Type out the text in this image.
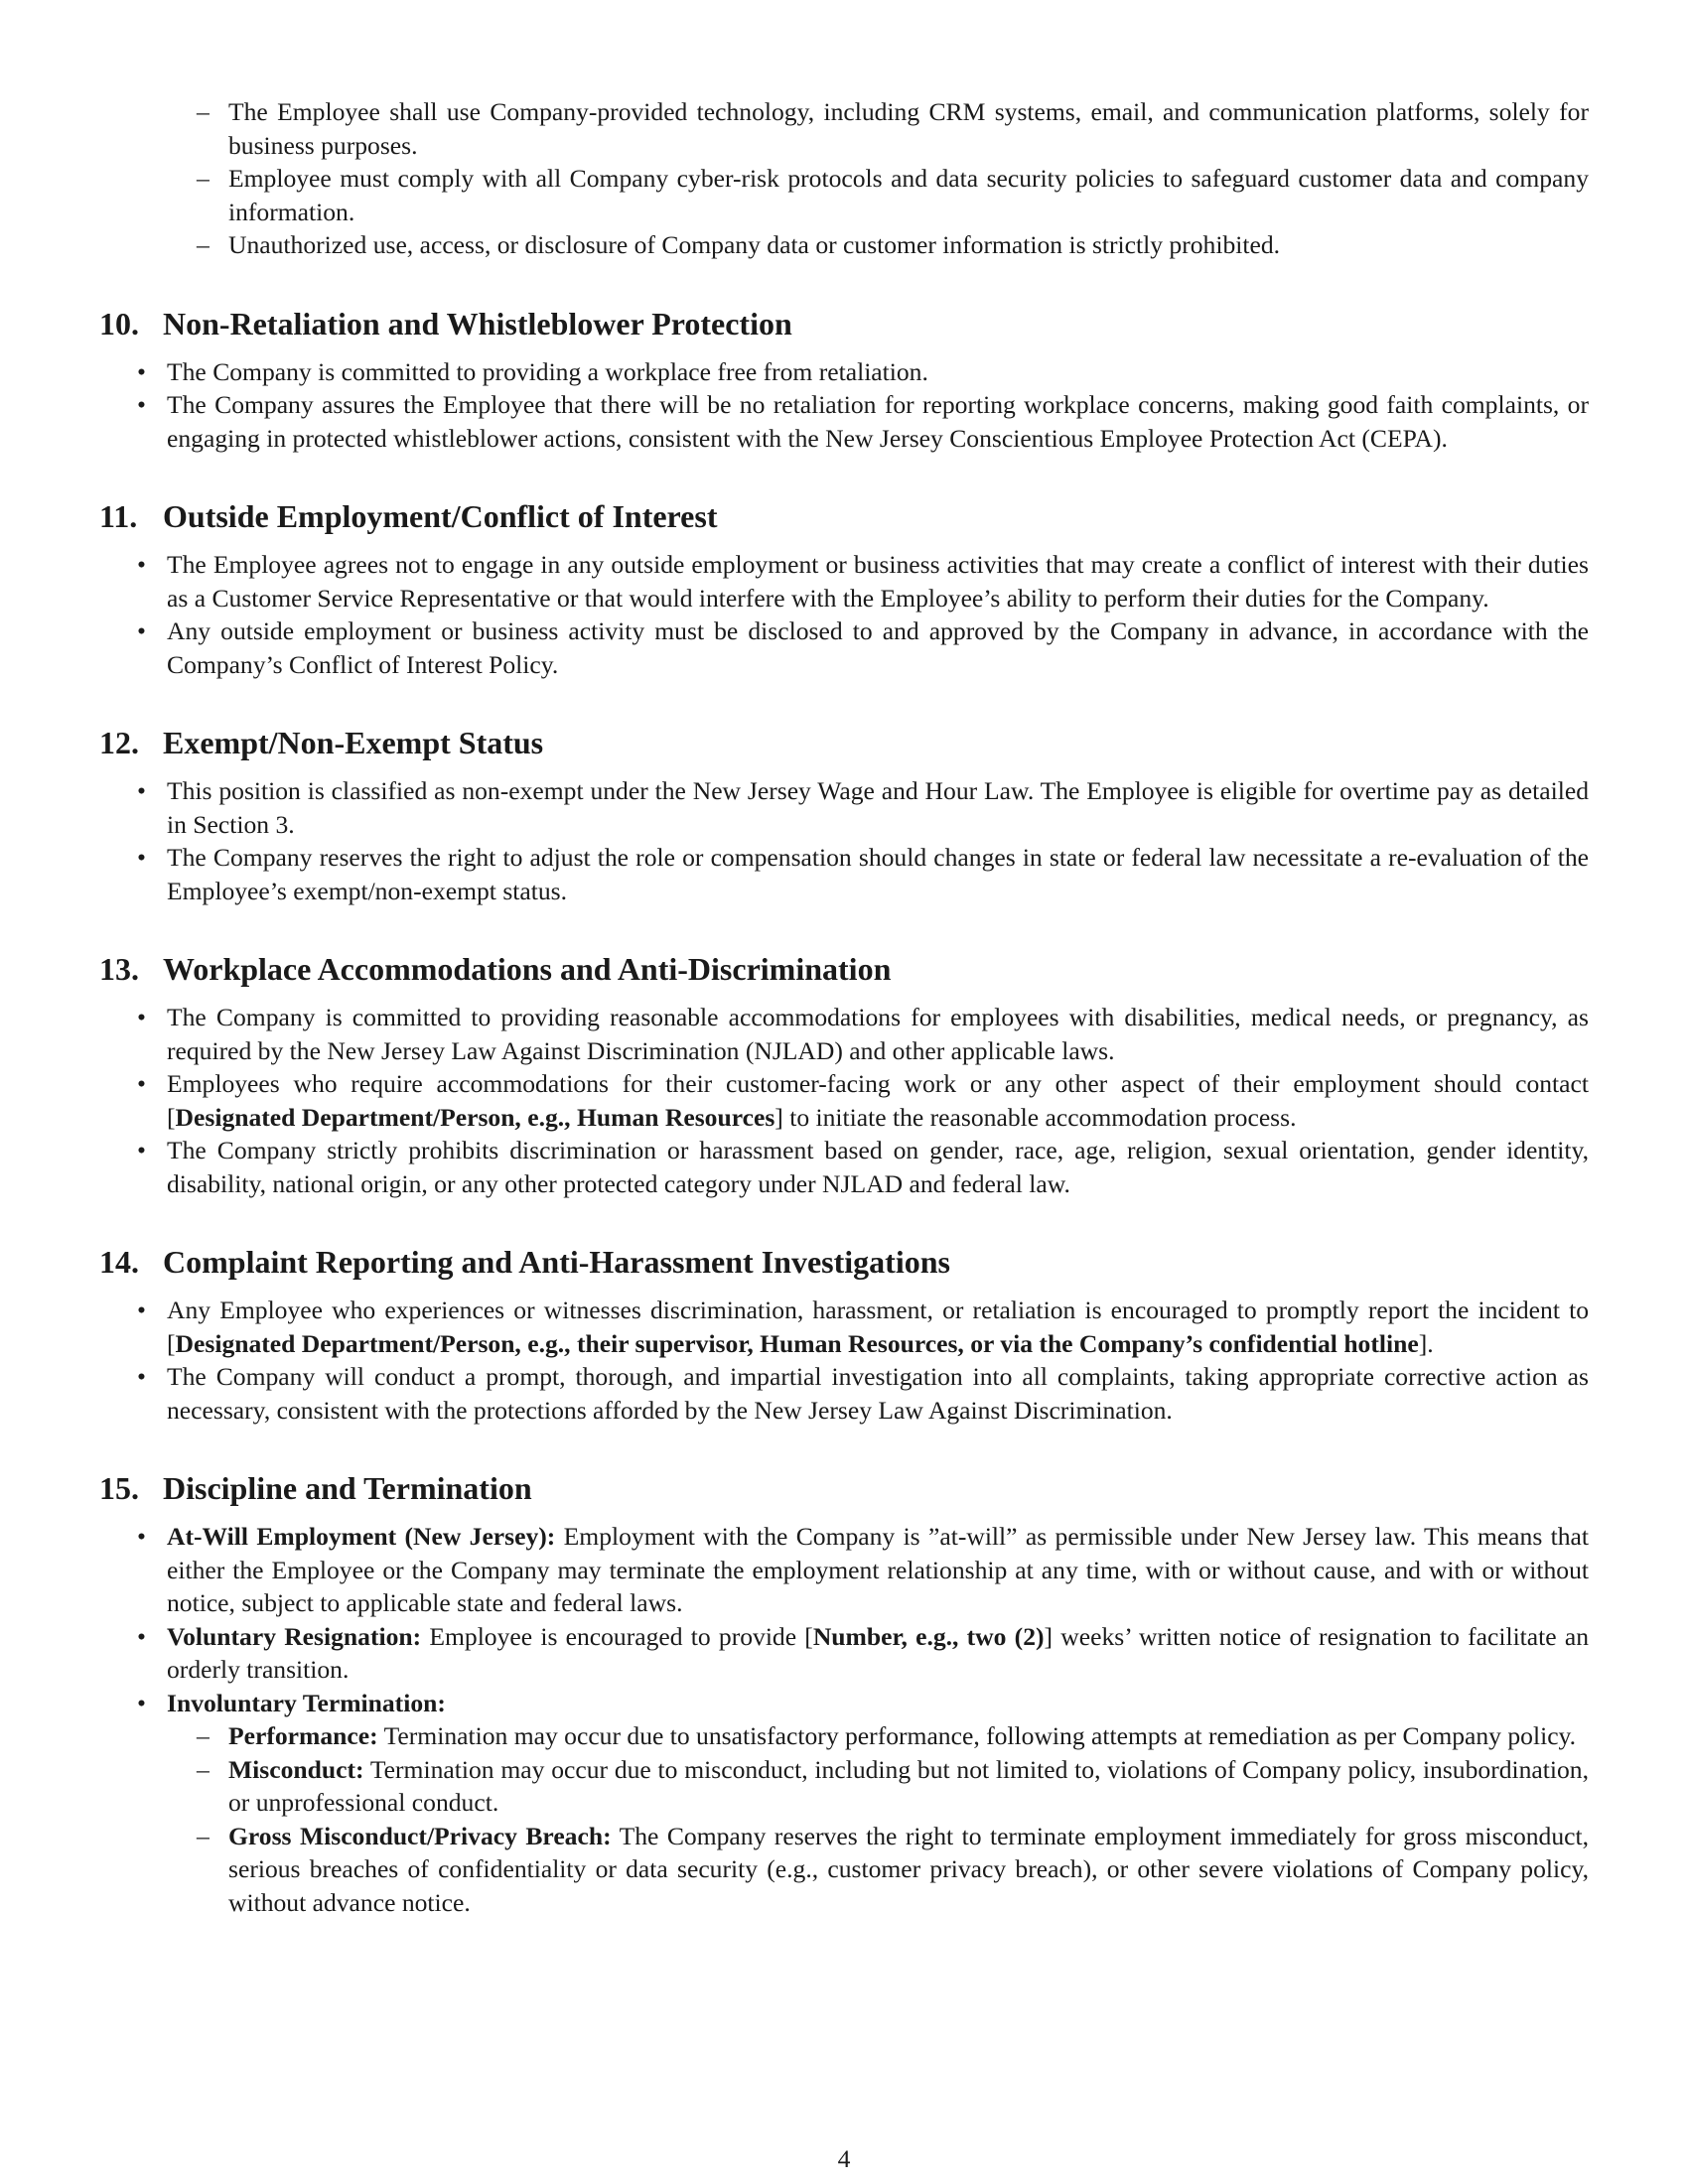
– The Employee shall use Company-provided technology, including CRM systems, email, and communication platforms, solely for business purposes.
– Employee must comply with all Company cyber-risk protocols and data security policies to safeguard customer data and company information.
– Unauthorized use, access, or disclosure of Company data or customer information is strictly prohibited.
10. Non-Retaliation and Whistleblower Protection
• The Company is committed to providing a workplace free from retaliation.
• The Company assures the Employee that there will be no retaliation for reporting workplace concerns, making good faith complaints, or engaging in protected whistleblower actions, consistent with the New Jersey Conscientious Employee Protection Act (CEPA).
11. Outside Employment/Conflict of Interest
• The Employee agrees not to engage in any outside employment or business activities that may create a conflict of interest with their duties as a Customer Service Representative or that would interfere with the Employee’s ability to perform their duties for the Company.
• Any outside employment or business activity must be disclosed to and approved by the Company in advance, in accordance with the Company’s Conflict of Interest Policy.
12. Exempt/Non-Exempt Status
• This position is classified as non-exempt under the New Jersey Wage and Hour Law. The Employee is eligible for overtime pay as detailed in Section 3.
• The Company reserves the right to adjust the role or compensation should changes in state or federal law necessitate a re-evaluation of the Employee’s exempt/non-exempt status.
13. Workplace Accommodations and Anti-Discrimination
• The Company is committed to providing reasonable accommodations for employees with disabilities, medical needs, or pregnancy, as required by the New Jersey Law Against Discrimination (NJLAD) and other applicable laws.
• Employees who require accommodations for their customer-facing work or any other aspect of their employment should contact [Designated Department/Person, e.g., Human Resources] to initiate the reasonable accommodation process.
• The Company strictly prohibits discrimination or harassment based on gender, race, age, religion, sexual orientation, gender identity, disability, national origin, or any other protected category under NJLAD and federal law.
14. Complaint Reporting and Anti-Harassment Investigations
• Any Employee who experiences or witnesses discrimination, harassment, or retaliation is encouraged to promptly report the incident to [Designated Department/Person, e.g., their supervisor, Human Resources, or via the Company’s confidential hotline].
• The Company will conduct a prompt, thorough, and impartial investigation into all complaints, taking appropriate corrective action as necessary, consistent with the protections afforded by the New Jersey Law Against Discrimination.
15. Discipline and Termination
• At-Will Employment (New Jersey): Employment with the Company is ”at-will” as permissible under New Jersey law. This means that either the Employee or the Company may terminate the employment relationship at any time, with or without cause, and with or without notice, subject to applicable state and federal laws.
• Voluntary Resignation: Employee is encouraged to provide [Number, e.g., two (2)] weeks’ written notice of resignation to facilitate an orderly transition.
• Involuntary Termination:
– Performance: Termination may occur due to unsatisfactory performance, following attempts at remediation as per Company policy.
– Misconduct: Termination may occur due to misconduct, including but not limited to, violations of Company policy, insubordination, or unprofessional conduct.
– Gross Misconduct/Privacy Breach: The Company reserves the right to terminate employment immediately for gross misconduct, serious breaches of confidentiality or data security (e.g., customer privacy breach), or other severe violations of Company policy, without advance notice.
4
